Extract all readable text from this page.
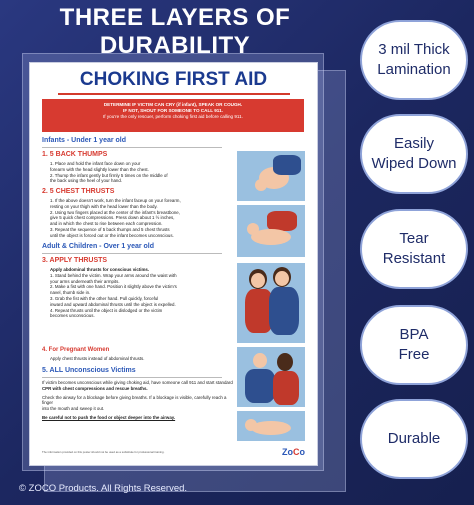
THREE LAYERS OF DURABILITY
CHOKING FIRST AID
DETERMINE IF VICTIM CAN CRY (if infant), SPEAK OR COUGH.
IF NOT, SHOUT FOR SOMEONE TO CALL 911.
If you're the only rescuer, perform choking first aid before calling 911.
Infants - Under 1 year old
1. 5 BACK THUMPS
1. Place and hold the infant face down on your
forearm with the head slightly lower than the chest.
2. Thump the infant gently but firmly 5 times on the middle of
the back using the heel of your hand.
2. 5 CHEST THRUSTS
1. If the above doesn't work, turn the infant faceup on your forearm,
resting on your thigh with the head lower than the body.
2. Using two fingers placed at the center of the infant's breastbone,
give 5 quick chest compressions. Press down about 1 ½ inches,
and in which the chest to rise between each compression.
3. Repeat the sequence of 5 back thumps and 5 chest thrusts
until the object is forced out or the infant becomes unconscious.
Adult & Children - Over 1 year old
3. APPLY THRUSTS
Apply abdominal thrusts for conscious victims.
1. Stand behind the victim. Wrap your arms around the waist with
your arms underneath their armpits.
2. Make a fist with one hand. Position it slightly above the victim's
navel, thumb side in.
3. Grab the fist with the other hand. Pull quickly, forceful
inward and upward abdominal thrusts until the object is expelled.
4. Repeat thrusts until the object is dislodged or the victim
becomes unconscious.
4. For Pregnant Women
Apply chest thrusts instead of abdominal thrusts.
5. ALL Unconscious Victims
If victim becomes unconscious while giving choking aid, have someone call 911 and start standard
CPR with chest compressions and rescue breaths.
Check the airway for a blockage before giving breaths. If a blockage is visible, carefully reach a finger
into the mouth and sweep it out.
Be careful not to push the food or object deeper into the airway.
The information provided on this poster should not be used as a substitute for professional training.	ZoCo
3 mil Thick
Lamination
Easily
Wiped Down
Tear
Resistant
BPA
Free
Durable
© ZOCO Products. All Rights Reserved.
